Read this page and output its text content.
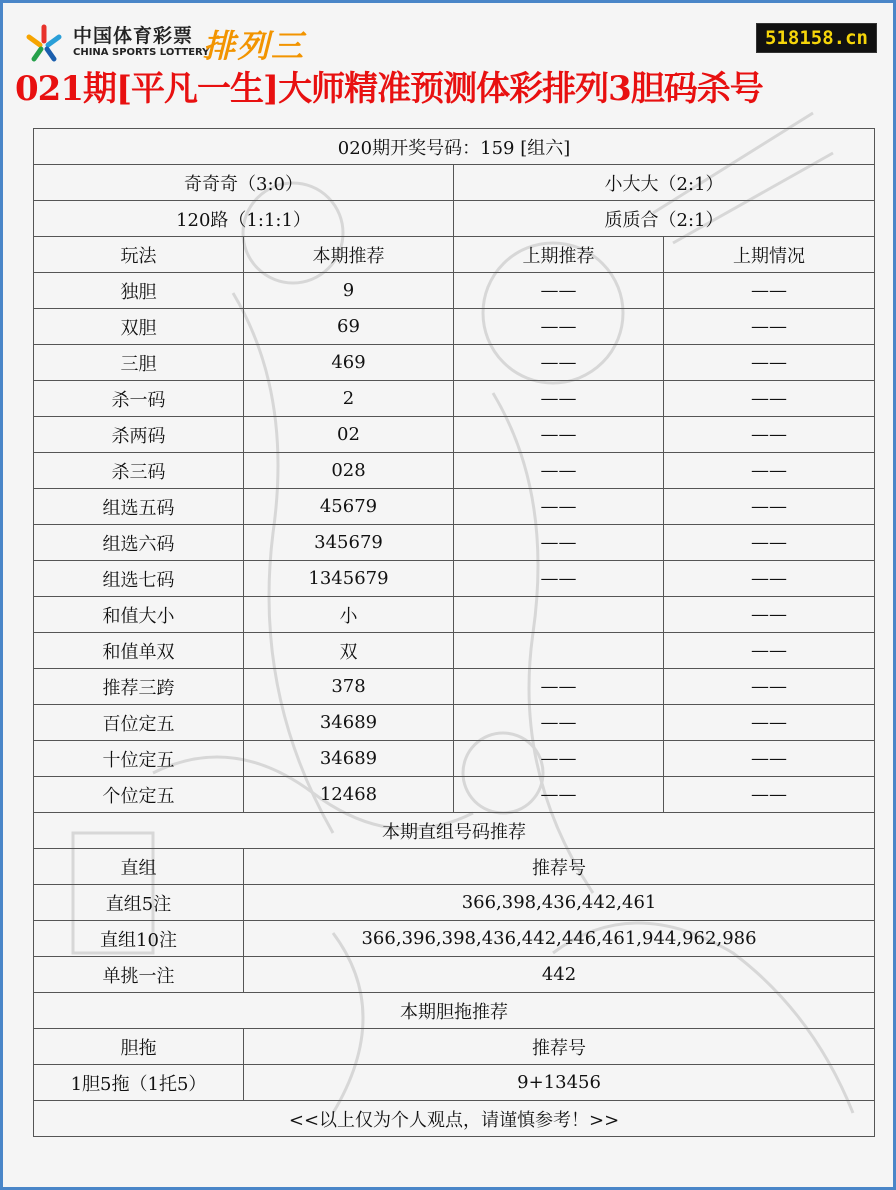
中国体育彩票
CHINA SPORTS LOTTERY
排列三	518158.cn
021期[平凡一生]大师精准预测体彩排列3胆码杀号
020期开奖号码：159 [组六]			
奇奇奇（3:0）		小大大（2:1）	
120路（1:1:1）		质质合（2:1）	
玩法	本期推荐	上期推荐	上期情况
独胆	9	——	——
双胆	69	——	——
三胆	469	——	——
杀一码	2	——	——
杀两码	02	——	——
杀三码	028	——	——
组选五码	45679	——	——
组选六码	345679	——	——
组选七码	1345679	——	——
和值大小	小		——
和值单双	双		——
推荐三跨	378	——	——
百位定五	34689	——	——
十位定五	34689	——	——
个位定五	12468	——	——
本期直组号码推荐			
直组	推荐号		
直组5注	366,398,436,442,461		
直组10注	366,396,398,436,442,446,461,944,962,986		
单挑一注	442		
本期胆拖推荐			
胆拖	推荐号		
1胆5拖（1托5）	9+13456		
<<以上仅为个人观点，请谨慎参考！>>			
